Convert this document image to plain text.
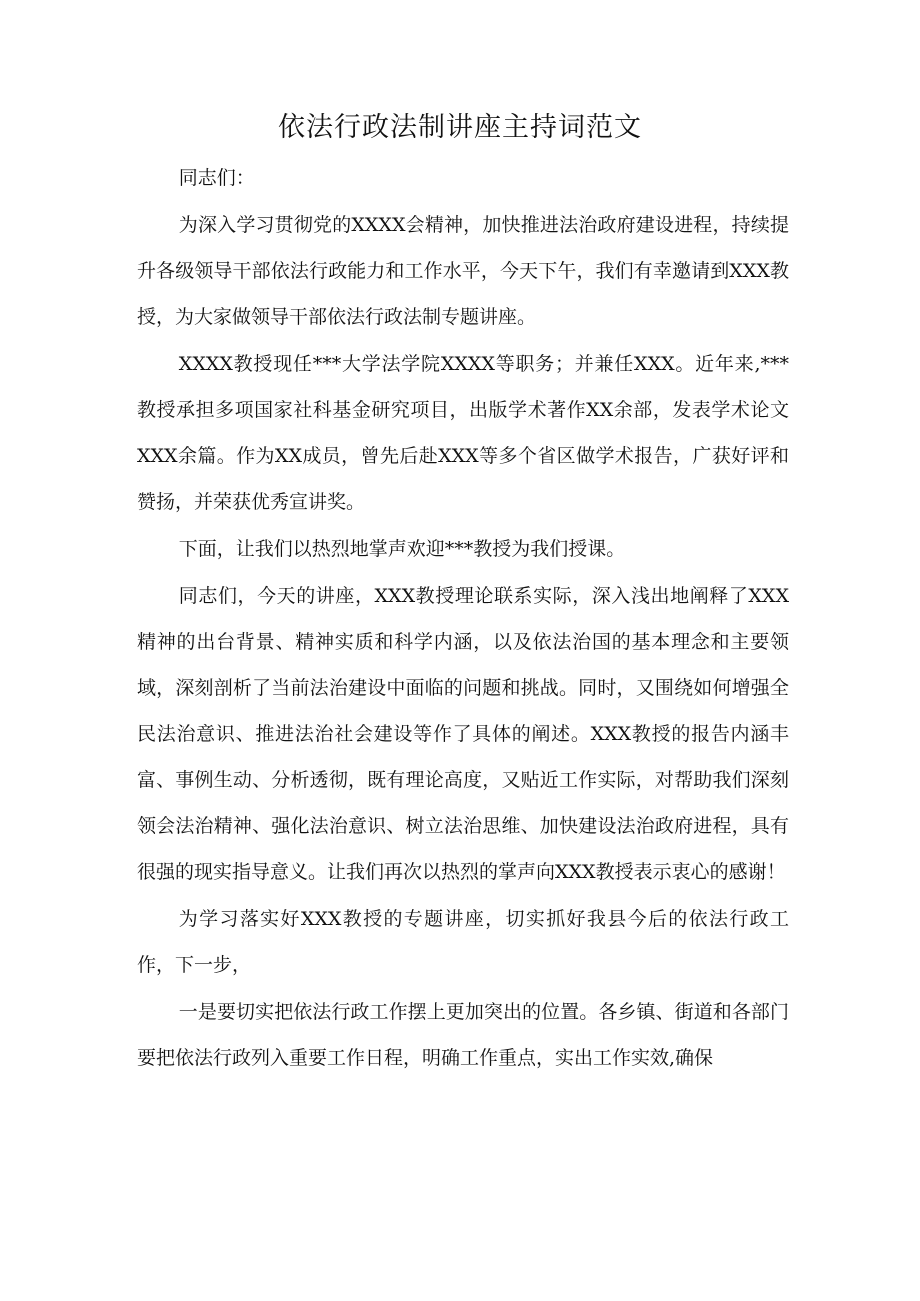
依法行政法制讲座主持词范文

同志们：

为深入学习贯彻党的XXXX会精神，加快推进法治政府建设进程，持续提升各级领导干部依法行政能力和工作水平，今天下午，我们有幸邀请到XXX教授，为大家做领导干部依法行政法制专题讲座。

XXXX教授现任***大学法学院XXXX等职务；并兼任XXX。近年来,***教授承担多项国家社科基金研究项目，出版学术著作XX余部，发表学术论文XXX余篇。作为XX成员，曾先后赴XXX等多个省区做学术报告，广获好评和赞扬，并荣获优秀宣讲奖。

下面，让我们以热烈地掌声欢迎***教授为我们授课。

同志们，今天的讲座，XXX教授理论联系实际，深入浅出地阐释了XXX精神的出台背景、精神实质和科学内涵，以及依法治国的基本理念和主要领域，深刻剖析了当前法治建设中面临的问题和挑战。同时，又围绕如何增强全民法治意识、推进法治社会建设等作了具体的阐述。XXX教授的报告内涵丰富、事例生动、分析透彻，既有理论高度，又贴近工作实际，对帮助我们深刻领会法治精神、强化法治意识、树立法治思维、加快建设法治政府进程，具有很强的现实指导意义。让我们再次以热烈的掌声向XXX教授表示衷心的感谢！

为学习落实好XXX教授的专题讲座，切实抓好我县今后的依法行政工作，下一步，

一是要切实把依法行政工作摆上更加突出的位置。各乡镇、街道和各部门要把依法行政列入重要工作日程，明确工作重点，实出工作实效,确保
